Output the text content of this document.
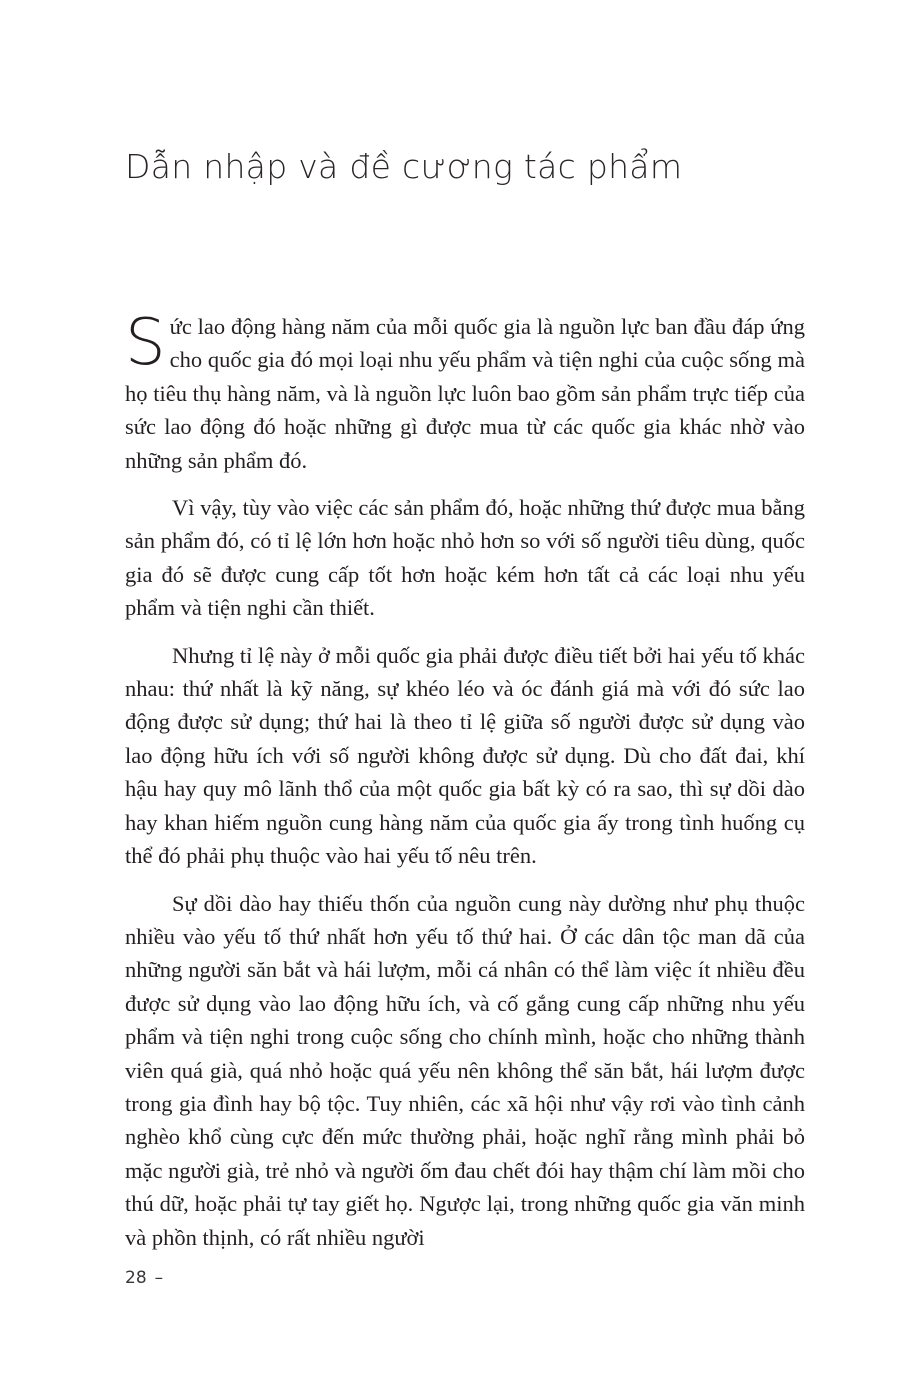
Dẫn nhập và đề cương tác phẩm

Sức lao động hàng năm của mỗi quốc gia là nguồn lực ban đầu đáp ứng cho quốc gia đó mọi loại nhu yếu phẩm và tiện nghi của cuộc sống mà họ tiêu thụ hàng năm, và là nguồn lực luôn bao gồm sản phẩm trực tiếp của sức lao động đó hoặc những gì được mua từ các quốc gia khác nhờ vào những sản phẩm đó.

Vì vậy, tùy vào việc các sản phẩm đó, hoặc những thứ được mua bằng sản phẩm đó, có tỉ lệ lớn hơn hoặc nhỏ hơn so với số người tiêu dùng, quốc gia đó sẽ được cung cấp tốt hơn hoặc kém hơn tất cả các loại nhu yếu phẩm và tiện nghi cần thiết.

Nhưng tỉ lệ này ở mỗi quốc gia phải được điều tiết bởi hai yếu tố khác nhau: thứ nhất là kỹ năng, sự khéo léo và óc đánh giá mà với đó sức lao động được sử dụng; thứ hai là theo tỉ lệ giữa số người được sử dụng vào lao động hữu ích với số người không được sử dụng. Dù cho đất đai, khí hậu hay quy mô lãnh thổ của một quốc gia bất kỳ có ra sao, thì sự dồi dào hay khan hiếm nguồn cung hàng năm của quốc gia ấy trong tình huống cụ thể đó phải phụ thuộc vào hai yếu tố nêu trên.

Sự dồi dào hay thiếu thốn của nguồn cung này dường như phụ thuộc nhiều vào yếu tố thứ nhất hơn yếu tố thứ hai. Ở các dân tộc man dã của những người săn bắt và hái lượm, mỗi cá nhân có thể làm việc ít nhiều đều được sử dụng vào lao động hữu ích, và cố gắng cung cấp những nhu yếu phẩm và tiện nghi trong cuộc sống cho chính mình, hoặc cho những thành viên quá già, quá nhỏ hoặc quá yếu nên không thể săn bắt, hái lượm được trong gia đình hay bộ tộc. Tuy nhiên, các xã hội như vậy rơi vào tình cảnh nghèo khổ cùng cực đến mức thường phải, hoặc nghĩ rằng mình phải bỏ mặc người già, trẻ nhỏ và người ốm đau chết đói hay thậm chí làm mồi cho thú dữ, hoặc phải tự tay giết họ. Ngược lại, trong những quốc gia văn minh và phồn thịnh, có rất nhiều người

28 –
